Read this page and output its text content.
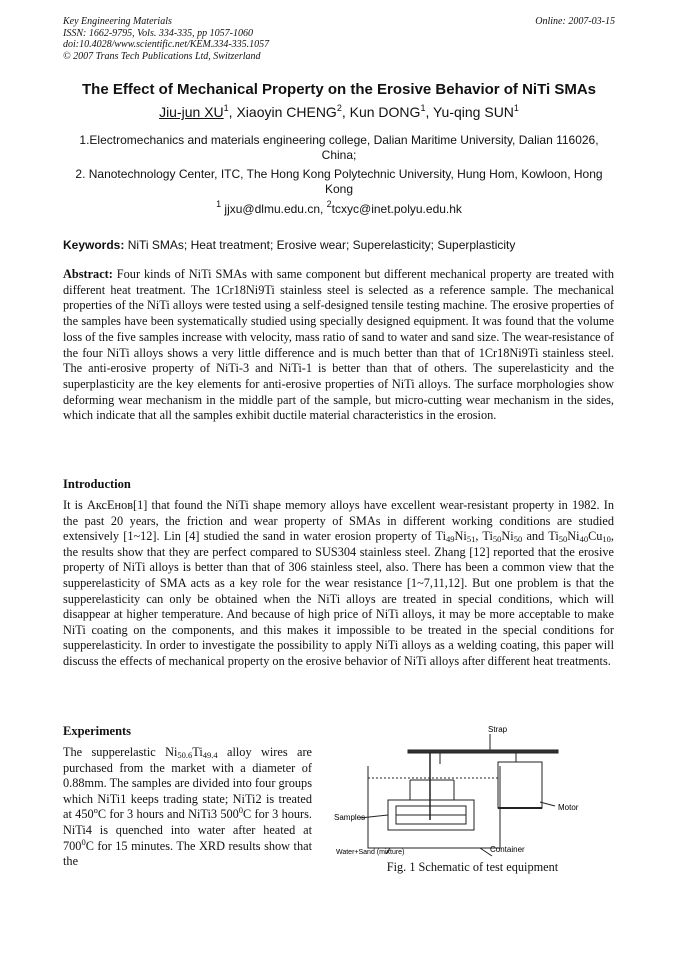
Key Engineering Materials
ISSN: 1662-9795, Vols. 334-335, pp 1057-1060
doi:10.4028/www.scientific.net/KEM.334-335.1057
© 2007 Trans Tech Publications Ltd, Switzerland
Online: 2007-03-15
The Effect of Mechanical Property on the Erosive Behavior of NiTi SMAs
Jiu-jun $XU^1$, Xiaoyin CHENG$^2$, Kun DONG$^1$, Yu-qing SUN$^1$
1.Electromechanics and materials engineering college, Dalian Maritime University, Dalian 116026, China;
2. Nanotechnology Center, ITC, The Hong Kong Polytechnic University, Hung Hom, Kowloon, Hong Kong
$^1$ jjxu@dlmu.edu.cn, $^2$tcxyc@inet.polyu.edu.hk
Keywords: NiTi SMAs; Heat treatment; Erosive wear; Superelasticity; Superplasticity
Abstract: Four kinds of NiTi SMAs with same component but different mechanical property are treated with different heat treatment. The 1Cr18Ni9Ti stainless steel is selected as a reference sample. The mechanical properties of the NiTi alloys were tested using a self-designed tensile testing machine. The erosive properties of the samples have been systematically studied using specially designed equipment. It was found that the volume loss of the five samples increase with velocity, mass ratio of sand to water and sand size. The wear-resistance of the four NiTi alloys shows a very little difference and is much better than that of 1Cr18Ni9Ti stainless steel. The anti-erosive property of NiTi-3 and NiTi-1 is better than that of others. The superelasticity and the superplasticity are the key elements for anti-erosive properties of NiTi alloys. The surface morphologies show deforming wear mechanism in the middle part of the sample, but micro-cutting wear mechanism in the sides, which indicate that all the samples exhibit ductile material characteristics in the erosion.
Introduction
It is АксЕнов[1] that found the NiTi shape memory alloys have excellent wear-resistant property in 1982. In the past 20 years, the friction and wear property of SMAs in different working conditions are studied extensively [1~12]. Lin [4] studied the sand in water erosion property of $Ti_{49}Ni_{51}$, $Ti_{50}Ni_{50}$ and $Ti_{50}Ni_{40}Cu_{10}$, the results show that they are perfect compared to SUS304 stainless steel. Zhang [12] reported that the erosive property of NiTi alloys is better than that of 306 stainless steel, also. There has been a common view that the supperelasticity of SMA acts as a key role for the wear resistance [1~7,11,12]. But one problem is that the supperelasticity can only be obtained when the NiTi alloys are treated in special conditions, which will disappear at higher temperature. And because of high price of NiTi alloys, it may be more acceptable to make NiTi coating on the components, and this makes it impossible to be treated in the special conditions for supperelasticity. In order to investigate the possibility to apply NiTi alloys as a welding coating, this paper will discuss the effects of mechanical property on the erosive behavior of NiTi alloys after different heat treatments.
Experiments
The supperelastic $Ni_{50.6}Ti_{49.4}$ alloy wires are purchased from the market with a diameter of 0.88mm. The samples are divided into four groups which NiTi1 keeps trading state; NiTi2 is treated at 450$^o$C for 3 hours and NiTi3 $500^0C$ for 3 hours. NiTi4 is quenched into water after heated at $700^0C$ for 15 minutes. The XRD results show that the
Strap
Motor
Samples
Container
Water+Sand (mixture)
Fig. 1 Schematic of test equipment
